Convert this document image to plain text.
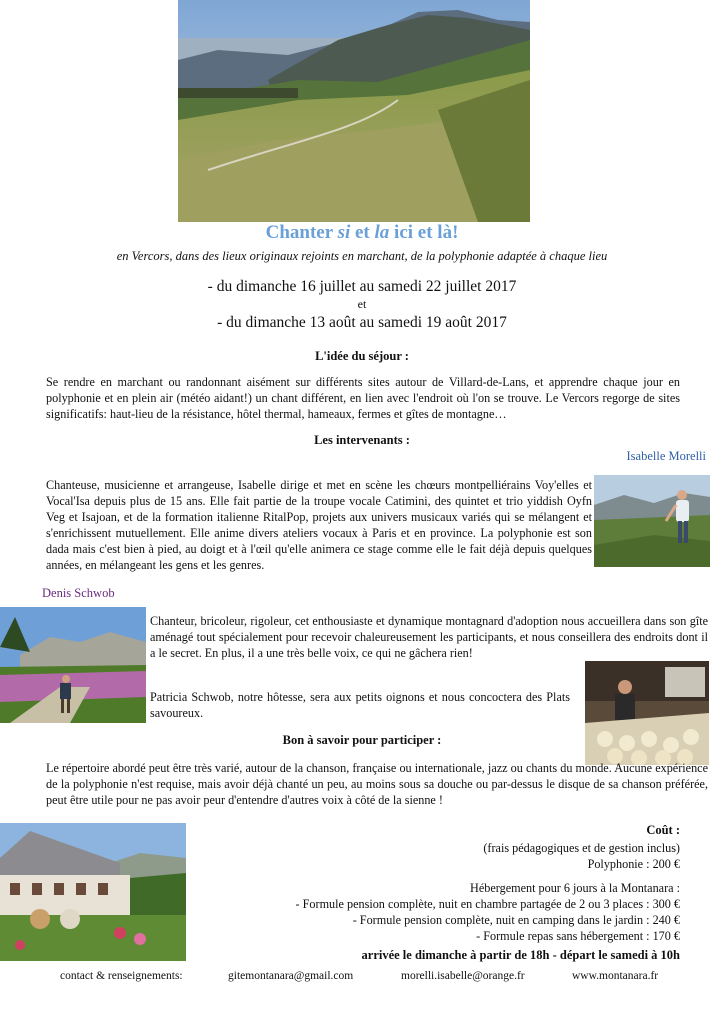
Chanter si et la ici et là!
en Vercors, dans des lieux originaux rejoints en marchant, de la polyphonie adaptée à chaque lieu
- du dimanche 16 juillet au samedi 22 juillet 2017
et
- du dimanche 13 août au samedi 19 août 2017
L'idée du séjour :
Se rendre en marchant ou randonnant aisément sur différents sites autour de Villard-de-Lans, et apprendre chaque jour en polyphonie et en plein air (météo aidant!) un chant différent, en lien avec l'endroit où l'on se trouve. Le Vercors regorge de sites significatifs: haut-lieu de la résistance, hôtel thermal, hameaux, fermes et gîtes de montagne…
Les intervenants :
Isabelle Morelli
Chanteuse, musicienne et arrangeuse, Isabelle dirige et met en scène les chœurs montpelliérains Voy'elles et Vocal'Isa depuis plus de 15 ans. Elle fait partie de la troupe vocale Catimini, des quintet et trio yiddish Oyfn Veg et Isajoan, et de la formation italienne RitalPop, projets aux univers musicaux variés qui se mélangent et s'enrichissent mutuellement. Elle anime divers ateliers vocaux à Paris et en province. La polyphonie est son dada mais c'est bien à pied, au doigt et à l'œil qu'elle animera ce stage comme elle le fait déjà depuis quelques années, en mélangeant les gens et les genres.
Denis Schwob
Chanteur, bricoleur, rigoleur, cet enthousiaste et dynamique montagnard d'adoption nous accueillera dans son gîte aménagé tout spécialement pour recevoir chaleureusement les participants, et nous conseillera des endroits dont il a le secret. En plus, il a une très belle voix, ce qui ne gâchera rien!
Patricia Schwob, notre hôtesse, sera aux petits oignons et nous concoctera des Plats savoureux.
Bon à savoir pour participer :
Le répertoire abordé peut être très varié, autour de la chanson, française ou internationale, jazz ou chants du monde. Aucune expérience de la polyphonie n'est requise, mais avoir déjà chanté un peu, au moins sous sa douche ou par-dessus le disque de sa chanson préférée, peut être utile pour ne pas avoir peur d'entendre d'autres voix à côté de la sienne !
Coût :
(frais pédagogiques et de gestion inclus)
Polyphonie : 200 €
Hébergement pour 6 jours à la Montanara :
- Formule pension complète, nuit en chambre partagée de 2 ou 3 places : 300 €
- Formule pension complète, nuit en camping dans le jardin : 240 €
- Formule repas sans hébergement : 170 €
arrivée le dimanche à partir de 18h - départ le samedi à 10h
contact & renseignements:	gitemontanara@gmail.com	morelli.isabelle@orange.fr	www.montanara.fr
